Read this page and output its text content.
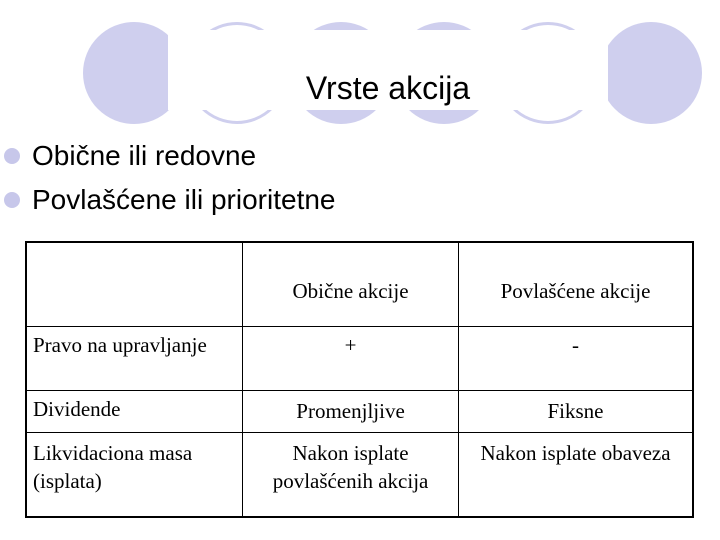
Vrste akcija
Obične ili redovne
Povlašćene ili prioritetne
	Obične akcije	Povlašćene akcije
Pravo na upravljanje	+	-
Dividende	Promenjljive	Fiksne
Likvidaciona masa (isplata)	Nakon isplate povlašćenih akcija	Nakon isplate obaveza
